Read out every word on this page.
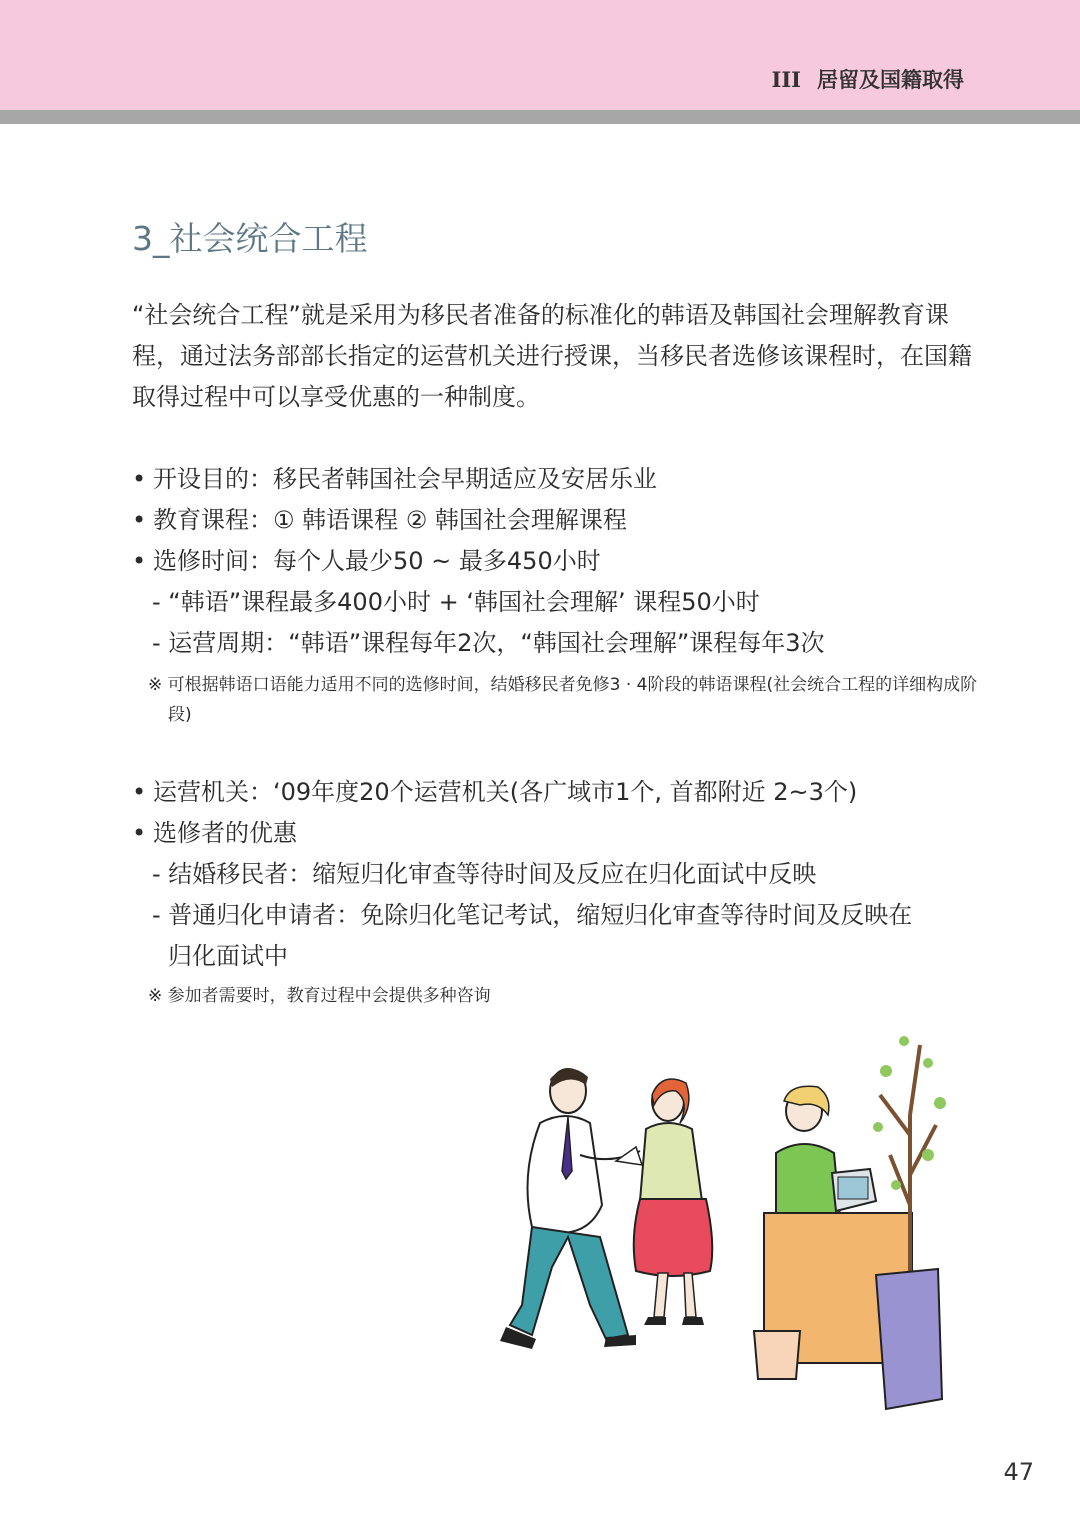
III 居留及国籍取得
3_社会统合工程

“社会统合工程”就是采用为移民者准备的标准化的韩语及韩国社会理解教育课程，通过法务部部长指定的运营机关进行授课，当移民者选修该课程时，在国籍取得过程中可以享受优惠的一种制度。

• 开设目的：移民者韩国社会早期适应及安居乐业
• 教育课程：① 韩语课程 ② 韩国社会理解课程
• 选修时间：每个人最少50 ~ 最多450小时
- “韩语”课程最多400小时 + ‘韩国社会理解’ 课程50小时
- 运营周期：“韩语”课程每年2次，“韩国社会理解”课程每年3次
※ 可根据韩语口语能力适用不同的选修时间，结婚移民者免修3 · 4阶段的韩语课程(社会统合工程的详细构成阶段)
• 运营机关：‘09年度20个运营机关(各广域市1个, 首都附近 2~3个)
• 选修者的优惠
- 结婚移民者：缩短归化审查等待时间及反应在归化面试中反映
- 普通归化申请者：免除归化笔记考试，缩短归化审查等待时间及反映在
归化面试中
※ 参加者需要时，教育过程中会提供多种咨询
47
